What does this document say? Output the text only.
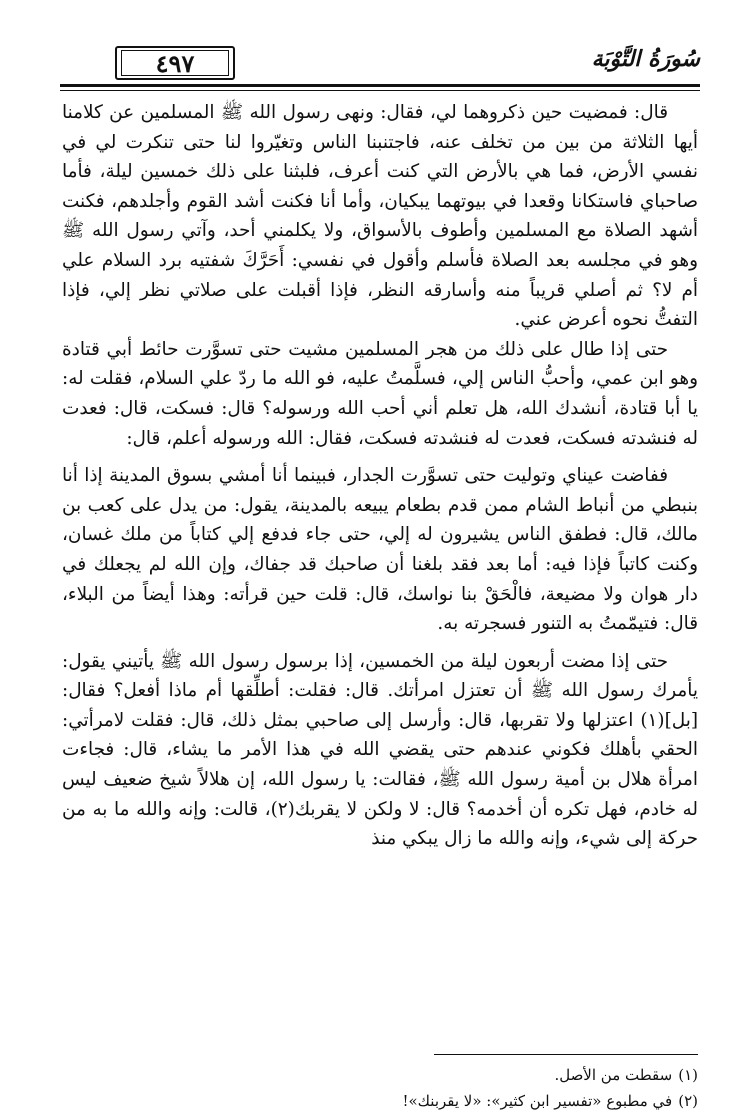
٤٩٧	سُورَةُ التَّوْبَة

قال: فمضيت حين ذكروهما لي، فقال: ونهى رسول الله ﷺ المسلمين عن كلامنا أيها الثلاثة من بين من تخلف عنه، فاجتنبنا الناس وتغيّروا لنا حتى تنكرت لي في نفسي الأرض، فما هي بالأرض التي كنت أعرف، فلبثنا على ذلك خمسين ليلة، فأما صاحباي فاستكانا وقعدا في بيوتهما يبكيان، وأما أنا فكنت أشد القوم وأجلدهم، فكنت أشهد الصلاة مع المسلمين وأطوف بالأسواق، ولا يكلمني أحد، وآتي رسول الله ﷺ وهو في مجلسه بعد الصلاة فأسلم وأقول في نفسي: أَحَرَّكَ شفتيه برد السلام علي أم لا؟ ثم أصلي قريباً منه وأسارقه النظر، فإذا أقبلت على صلاتي نظر إلي، فإذا التفتُّ نحوه أعرض عني.

حتى إذا طال على ذلك من هجر المسلمين مشيت حتى تسوَّرت حائط أبي قتادة وهو ابن عمي، وأحبُّ الناس إلي، فسلَّمتُ عليه، فو الله ما ردّ علي السلام، فقلت له: يا أبا قتادة، أنشدك الله، هل تعلم أني أحب الله ورسوله؟ قال: فسكت، قال: فعدت له فنشدته فسكت، فعدت له فنشدته فسكت، فقال: الله ورسوله أعلم، قال:

ففاضت عيناي وتوليت حتى تسوَّرت الجدار، فبينما أنا أمشي بسوق المدينة إذا أنا بنبطي من أنباط الشام ممن قدم بطعام يبيعه بالمدينة، يقول: من يدل على كعب بن مالك، قال: فطفق الناس يشيرون له إلي، حتى جاء فدفع إلي كتاباً من ملك غسان، وكنت كاتباً فإذا فيه: أما بعد فقد بلغنا أن صاحبك قد جفاك، وإن الله لم يجعلك في دار هوان ولا مضيعة، فالْحَقْ بنا نواسك، قال: قلت حين قرأته: وهذا أيضاً من البلاء، قال: فتيمّمتُ به التنور فسجرته به.

حتى إذا مضت أربعون ليلة من الخمسين، إذا برسول رسول الله ﷺ يأتيني يقول: يأمرك رسول الله ﷺ أن تعتزل امرأتك. قال: فقلت: أطلِّقها أم ماذا أفعل؟ فقال: [بل](١) اعتزلها ولا تقربها، قال: وأرسل إلى صاحبي بمثل ذلك، قال: فقلت لامرأتي: الحقي بأهلك فكوني عندهم حتى يقضي الله في هذا الأمر ما يشاء، قال: فجاءت امرأة هلال بن أمية رسول الله ﷺ، فقالت: يا رسول الله، إن هلالاً شيخ ضعيف ليس له خادم، فهل تكره أن أخدمه؟ قال: لا ولكن لا يقربك(٢)، قالت: وإنه والله ما به من حركة إلى شيء، وإنه والله ما زال يبكي منذ

(١)سقطت من الأصل.
(٢)في مطبوع «تفسير ابن كثير»: «لا يقربنك»!
